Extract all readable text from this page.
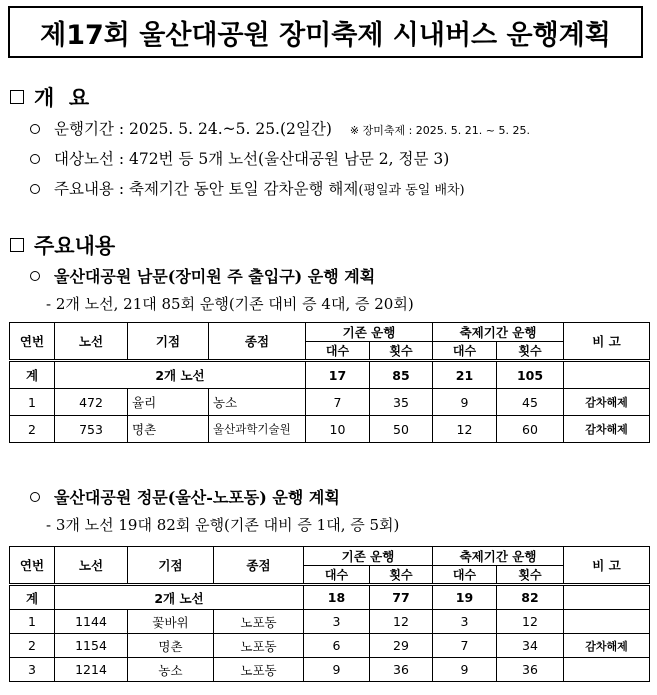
제17회 울산대공원 장미축제 시내버스 운행계획
개  요
운행기간 : 2025. 5. 24.~5. 25.(2일간) ※ 장미축제 : 2025. 5. 21. ~ 5. 25.
대상노선 : 472번 등 5개 노선(울산대공원 남문 2, 정문 3)
주요내용 : 축제기간 동안 토일 감차운행 해제 (평일과 동일 배차)
주요내용
울산대공원 남문(장미원 주 출입구) 운행 계획
- 2개 노선, 21대 85회 운행(기존 대비 증 4대, 증 20회)
연번	노선	기점	종점	기존 운행		축제기간 운행		비 고
				대수	횟수	대수	횟수	
계	2개 노선			17	85	21	105	
1	472	율리	농소	7	35	9	45	감차해제
2	753	명촌	울산과학기술원	10	50	12	60	감차해제
울산대공원 정문(울산-노포동) 운행 계획
- 3개 노선 19대 82회 운행(기존 대비 증 1대, 증 5회)
연번	노선	기점	종점	기존 운행		축제기간 운행		비 고
				대수	횟수	대수	횟수	
계	2개 노선			18	77	19	82	
1	1144	꽃바위	노포동	3	12	3	12	
2	1154	명촌	노포동	6	29	7	34	감차해제
3	1214	농소	노포동	9	36	9	36	
